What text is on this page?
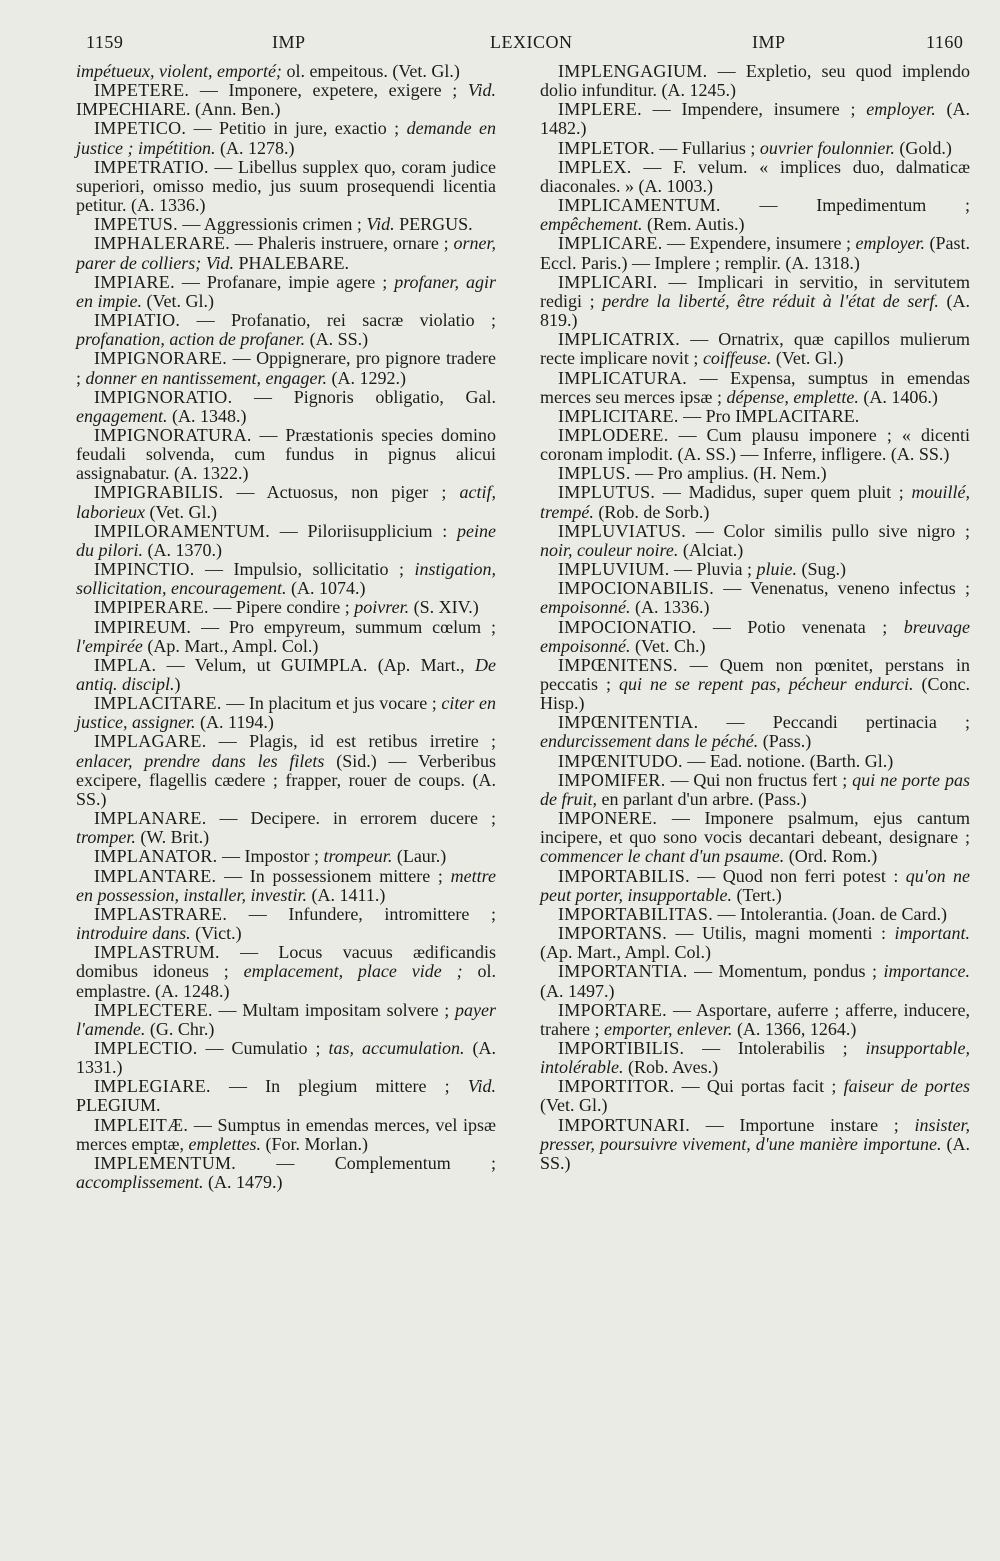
1159	IMP	LEXICON	IMP	1160

impétueux, violent, emporté; ol. empeitous. (Vet. Gl.)

IMPETERE. — Imponere, expetere, exigere ; Vid. IMPECHIARE. (Ann. Ben.)

IMPETICO. — Petitio in jure, exactio ; demande en justice ; impétition. (A. 1278.)

IMPETRATIO. — Libellus supplex quo, coram judice superiori, omisso medio, jus suum prosequendi licentia petitur. (A. 1336.)

IMPETUS. — Aggressionis crimen ; Vid. PERGUS.

IMPHALERARE. — Phaleris instruere, ornare ; orner, parer de colliers; Vid. PHALEBARE.

IMPIARE. — Profanare, impie agere ; profaner, agir en impie. (Vet. Gl.)

IMPIATIO. — Profanatio, rei sacræ violatio ; profanation, action de profaner. (A. SS.)

IMPIGNORARE. — Oppignerare, pro pignore tradere ; donner en nantissement, engager. (A. 1292.)

IMPIGNORATIO. — Pignoris obligatio, Gal. engagement. (A. 1348.)

IMPIGNORATURA. — Præstationis species domino feudali solvenda, cum fundus in pignus alicui assignabatur. (A. 1322.)

IMPIGRABILIS. — Actuosus, non piger ; actif, laborieux (Vet. Gl.)

IMPILORAMENTUM. — Piloriisupplicium : peine du pilori. (A. 1370.)

IMPINCTIO. — Impulsio, sollicitatio ; instigation, sollicitation, encouragement. (A. 1074.)

IMPIPERARE. — Pipere condire ; poivrer. (S. XIV.)

IMPIREUM. — Pro empyreum, summum cœlum ; l'empirée (Ap. Mart., Ampl. Col.)

IMPLA. — Velum, ut GUIMPLA. (Ap. Mart., De antiq. discipl.)

IMPLACITARE. — In placitum et jus vocare ; citer en justice, assigner. (A. 1194.)

IMPLAGARE. — Plagis, id est retibus irretire ; enlacer, prendre dans les filets (Sid.) — Verberibus excipere, flagellis cædere ; frapper, rouer de coups. (A. SS.)

IMPLANARE. — Decipere. in errorem ducere ; tromper. (W. Brit.)

IMPLANATOR. — Impostor ; trompeur. (Laur.)

IMPLANTARE. — In possessionem mittere ; mettre en possession, installer, investir. (A. 1411.)

IMPLASTRARE. — Infundere, intromittere ; introduire dans. (Vict.)

IMPLASTRUM. — Locus vacuus ædificandis domibus idoneus ; emplacement, place vide ; ol. emplastre. (A. 1248.)

IMPLECTERE. — Multam impositam solvere ; payer l'amende. (G. Chr.)

IMPLECTIO. — Cumulatio ; tas, accumulation. (A. 1331.)

IMPLEGIARE. — In plegium mittere ; Vid. PLEGIUM.

IMPLEITÆ. — Sumptus in emendas merces, vel ipsæ merces emptæ, emplettes. (For. Morlan.)

IMPLEMENTUM. — Complementum ; accomplissement. (A. 1479.)

IMPLENGAGIUM. — Expletio, seu quod implendo dolio infunditur. (A. 1245.)

IMPLERE. — Impendere, insumere ; employer. (A. 1482.)

IMPLETOR. — Fullarius ; ouvrier foulonnier. (Gold.)

IMPLEX. — F. velum. « implices duo, dalmaticæ diaconales. » (A. 1003.)

IMPLICAMENTUM. — Impedimentum ; empêchement. (Rem. Autis.)

IMPLICARE. — Expendere, insumere ; employer. (Past. Eccl. Paris.) — Implere ; remplir. (A. 1318.)

IMPLICARI. — Implicari in servitio, in servitutem redigi ; perdre la liberté, être réduit à l'état de serf. (A. 819.)

IMPLICATRIX. — Ornatrix, quæ capillos mulierum recte implicare novit ; coiffeuse. (Vet. Gl.)

IMPLICATURA. — Expensa, sumptus in emendas merces seu merces ipsæ ; dépense, emplette. (A. 1406.)

IMPLICITARE. — Pro IMPLACITARE.

IMPLODERE. — Cum plausu imponere ; « dicenti coronam implodit. (A. SS.) — Inferre, infligere. (A. SS.)

IMPLUS. — Pro amplius. (H. Nem.)

IMPLUTUS. — Madidus, super quem pluit ; mouillé, trempé. (Rob. de Sorb.)

IMPLUVIATUS. — Color similis pullo sive nigro ; noir, couleur noire. (Alciat.)

IMPLUVIUM. — Pluvia ; pluie. (Sug.)

IMPOCIONABILIS. — Venenatus, veneno infectus ; empoisonné. (A. 1336.)

IMPOCIONATIO. — Potio venenata ; breuvage empoisonné. (Vet. Ch.)

IMPŒNITENS. — Quem non pœnitet, perstans in peccatis ; qui ne se repent pas, pécheur endurci. (Conc. Hisp.)

IMPŒNITENTIA. — Peccandi pertinacia ; endurcissement dans le péché. (Pass.)

IMPŒNITUDO. — Ead. notione. (Barth. Gl.)

IMPOMIFER. — Qui non fructus fert ; qui ne porte pas de fruit, en parlant d'un arbre. (Pass.)

IMPONERE. — Imponere psalmum, ejus cantum incipere, et quo sono vocis decantari debeant, designare ; commencer le chant d'un psaume. (Ord. Rom.)

IMPORTABILIS. — Quod non ferri potest : qu'on ne peut porter, insupportable. (Tert.)

IMPORTABILITAS. — Intolerantia. (Joan. de Card.)

IMPORTANS. — Utilis, magni momenti : important. (Ap. Mart., Ampl. Col.)

IMPORTANTIA. — Momentum, pondus ; importance. (A. 1497.)

IMPORTARE. — Asportare, auferre ; afferre, inducere, trahere ; emporter, enlever. (A. 1366, 1264.)

IMPORTIBILIS. — Intolerabilis ; insupportable, intolérable. (Rob. Aves.)

IMPORTITOR. — Qui portas facit ; faiseur de portes (Vet. Gl.)

IMPORTUNARI. — Importune instare ; insister, presser, poursuivre vivement, d'une manière importune. (A. SS.)
